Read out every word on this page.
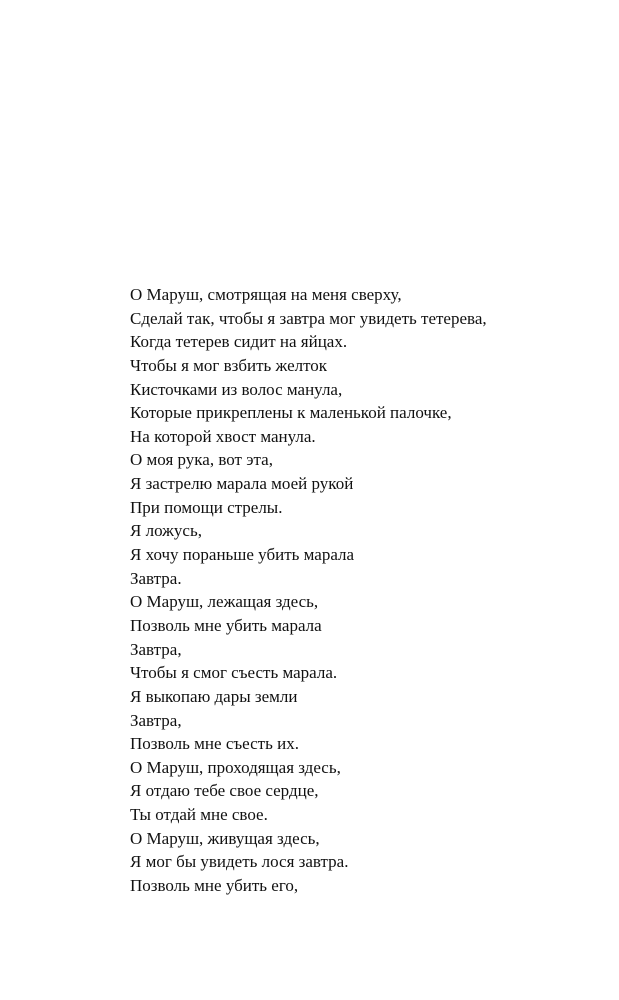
О Маруш, смотрящая на меня сверху,
Сделай так, чтобы я завтра мог увидеть тетерева,
Когда тетерев сидит на яйцах.
Чтобы я мог взбить желток
Кисточками из волос манула,
Которые прикреплены к маленькой палочке,
На которой хвост манула.
О моя рука, вот эта,
Я застрелю марала моей рукой
При помощи стрелы.
Я ложусь,
Я хочу пораньше убить марала
Завтра.
О Маруш, лежащая здесь,
Позволь мне убить марала
Завтра,
Чтобы я смог съесть марала.
Я выкопаю дары земли
Завтра,
Позволь мне съесть их.
О Маруш, проходящая здесь,
Я отдаю тебе свое сердце,
Ты отдай мне свое.
О Маруш, живущая здесь,
Я мог бы увидеть лося завтра.
Позволь мне убить его,
